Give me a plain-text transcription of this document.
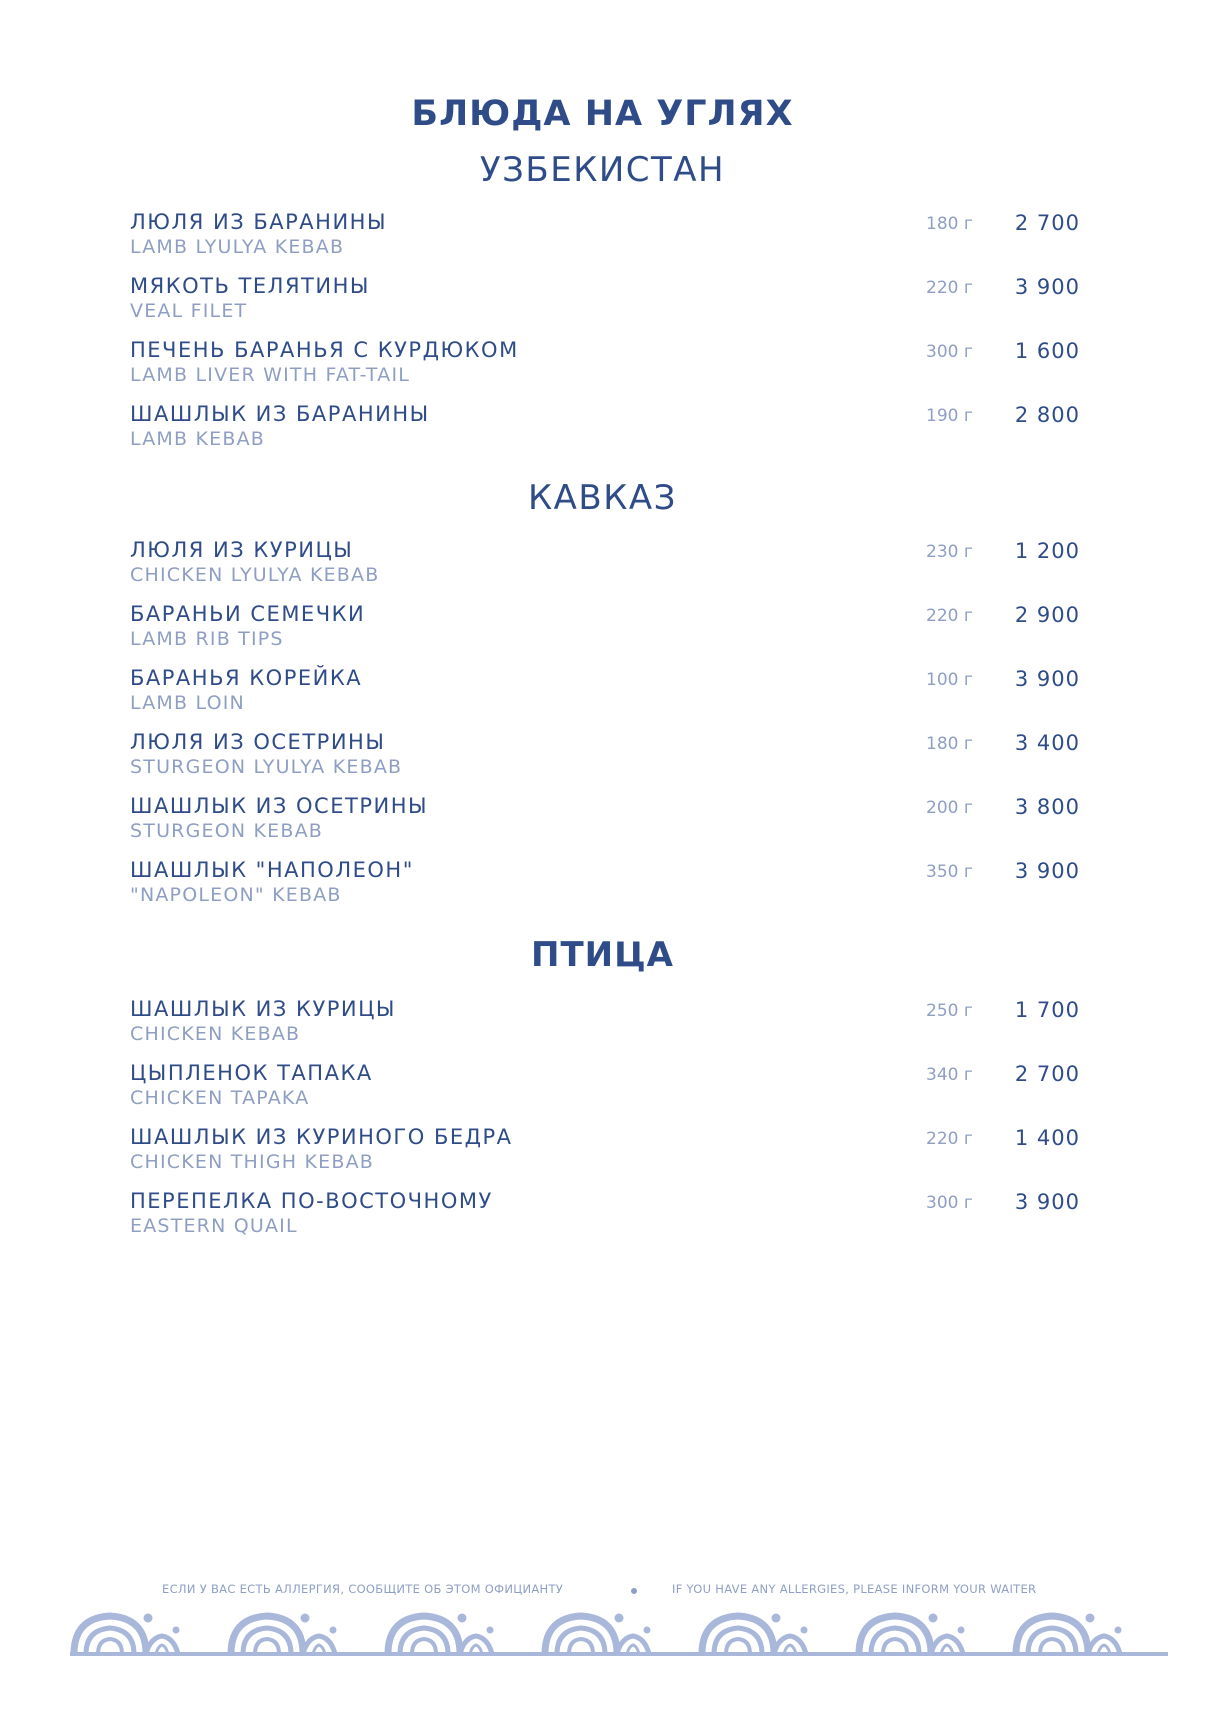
БЛЮДА НА УГЛЯХ
УЗБЕКИСТАН
ЛЮЛЯ ИЗ БАРАНИНЫ
LAMB LYULYA KEBAB
180 г	2 700
МЯКОТЬ ТЕЛЯТИНЫ
VEAL FILET
220 г	3 900
ПЕЧЕНЬ БАРАНЬЯ С КУРДЮКОМ
LAMB LIVER WITH FAT-TAIL
300 г	1 600
ШАШЛЫК ИЗ БАРАНИНЫ
LAMB KEBAB
190 г	2 800
КАВКАЗ
ЛЮЛЯ ИЗ КУРИЦЫ
CHICKEN LYULYA KEBAB
230 г	1 200
БАРАНЬИ СЕМЕЧКИ
LAMB RIB TIPS
220 г	2 900
БАРАНЬЯ КОРЕЙКА
LAMB LOIN
100 г	3 900
ЛЮЛЯ ИЗ ОСЕТРИНЫ
STURGEON LYULYA KEBAB
180 г	3 400
ШАШЛЫК ИЗ ОСЕТРИНЫ
STURGEON KEBAB
200 г	3 800
ШАШЛЫК "НАПОЛЕОН"
"NAPOLEON" KEBAB
350 г	3 900
ПТИЦА
ШАШЛЫК ИЗ КУРИЦЫ
CHICKEN KEBAB
250 г	1 700
ЦЫПЛЕНОК ТАПАКА
CHICKEN TAPAKA
340 г	2 700
ШАШЛЫК ИЗ КУРИНОГО БЕДРА
CHICKEN THIGH KEBAB
220 г	1 400
ПЕРЕПЕЛКА ПО-ВОСТОЧНОМУ
EASTERN QUAIL
300 г	3 900
ЕСЛИ У ВАС ЕСТЬ АЛЛЕРГИЯ, СООБЩИТЕ ОБ ЭТОМ ОФИЦИАНТУ	IF YOU HAVE ANY ALLERGIES, PLEASE INFORM YOUR WAITER
